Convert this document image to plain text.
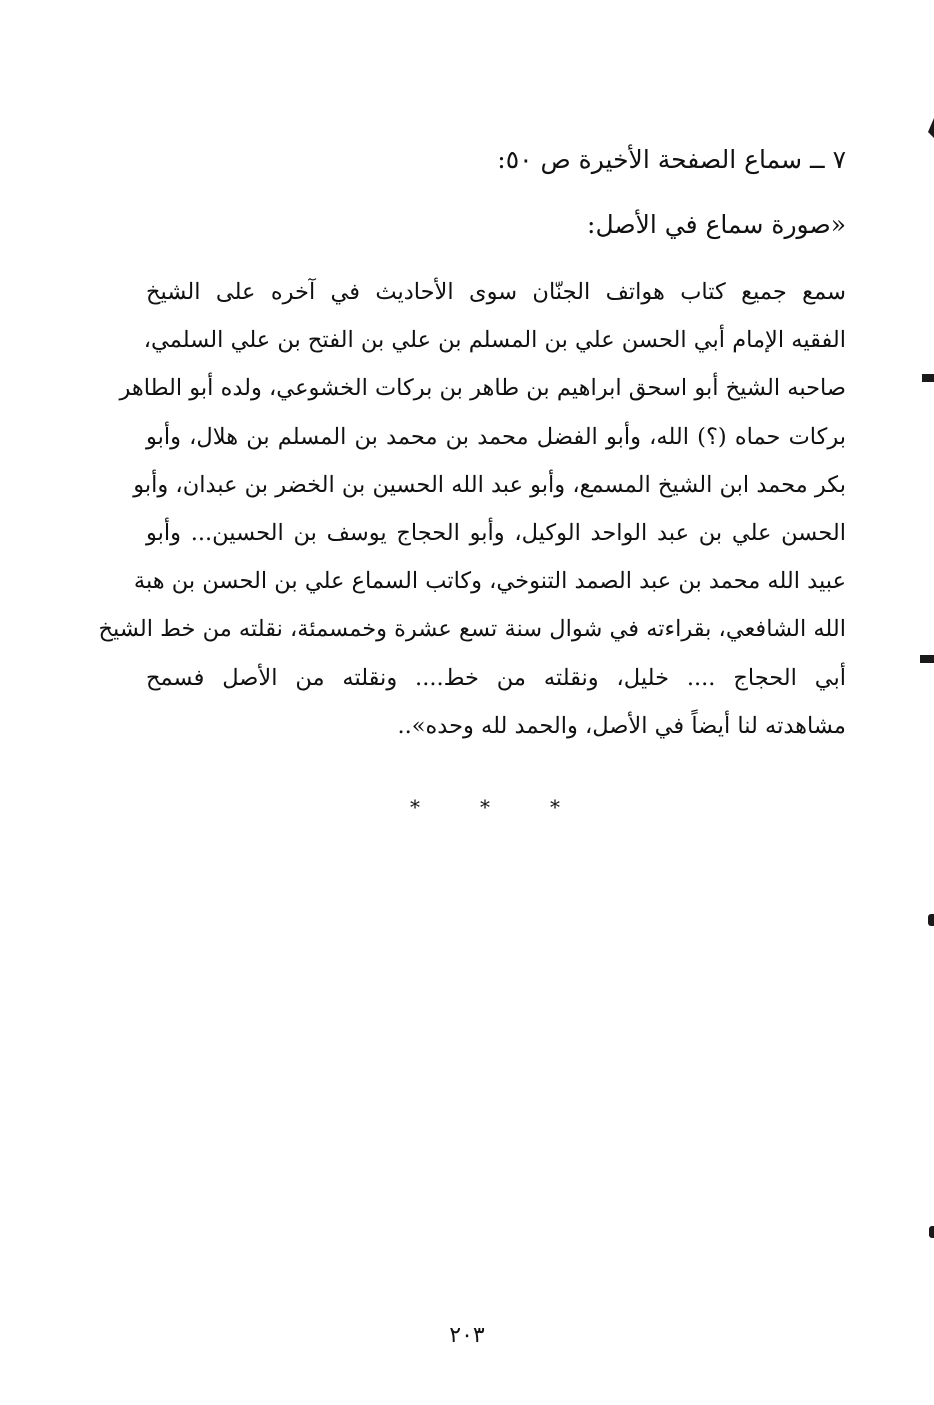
٧ ــ سماع الصفحة الأخيرة ص ٥٠:
«صورة سماع في الأصل:
سمع جميع كتاب هواتف الجنّان سوى الأحاديث في آخره على الشيخ
الفقيه الإمام أبي الحسن علي بن المسلم بن علي بن الفتح بن علي السلمي،
صاحبه الشيخ أبو اسحق ابراهيم بن طاهر بن بركات الخشوعي، ولده أبو الطاهر
بركات حماه (؟) الله، وأبو الفضل محمد بن محمد بن المسلم بن هلال، وأبو
بكر محمد ابن الشيخ المسمع، وأبو عبد الله الحسين بن الخضر بن عبدان، وأبو
الحسن علي بن عبد الواحد الوكيل، وأبو الحجاج يوسف بن الحسين... وأبو
عبيد الله محمد بن عبد الصمد التنوخي، وكاتب السماع علي بن الحسن بن هبة
الله الشافعي، بقراءته في شوال سنة تسع عشرة وخمسمئة، نقلته من خط الشيخ
أبي الحجاج .... خليل، ونقلته من خط.... ونقلته من الأصل فسمح
مشاهدته لنا أيضاً في الأصل، والحمد لله وحده»..
*	*	*
٢٠٣
